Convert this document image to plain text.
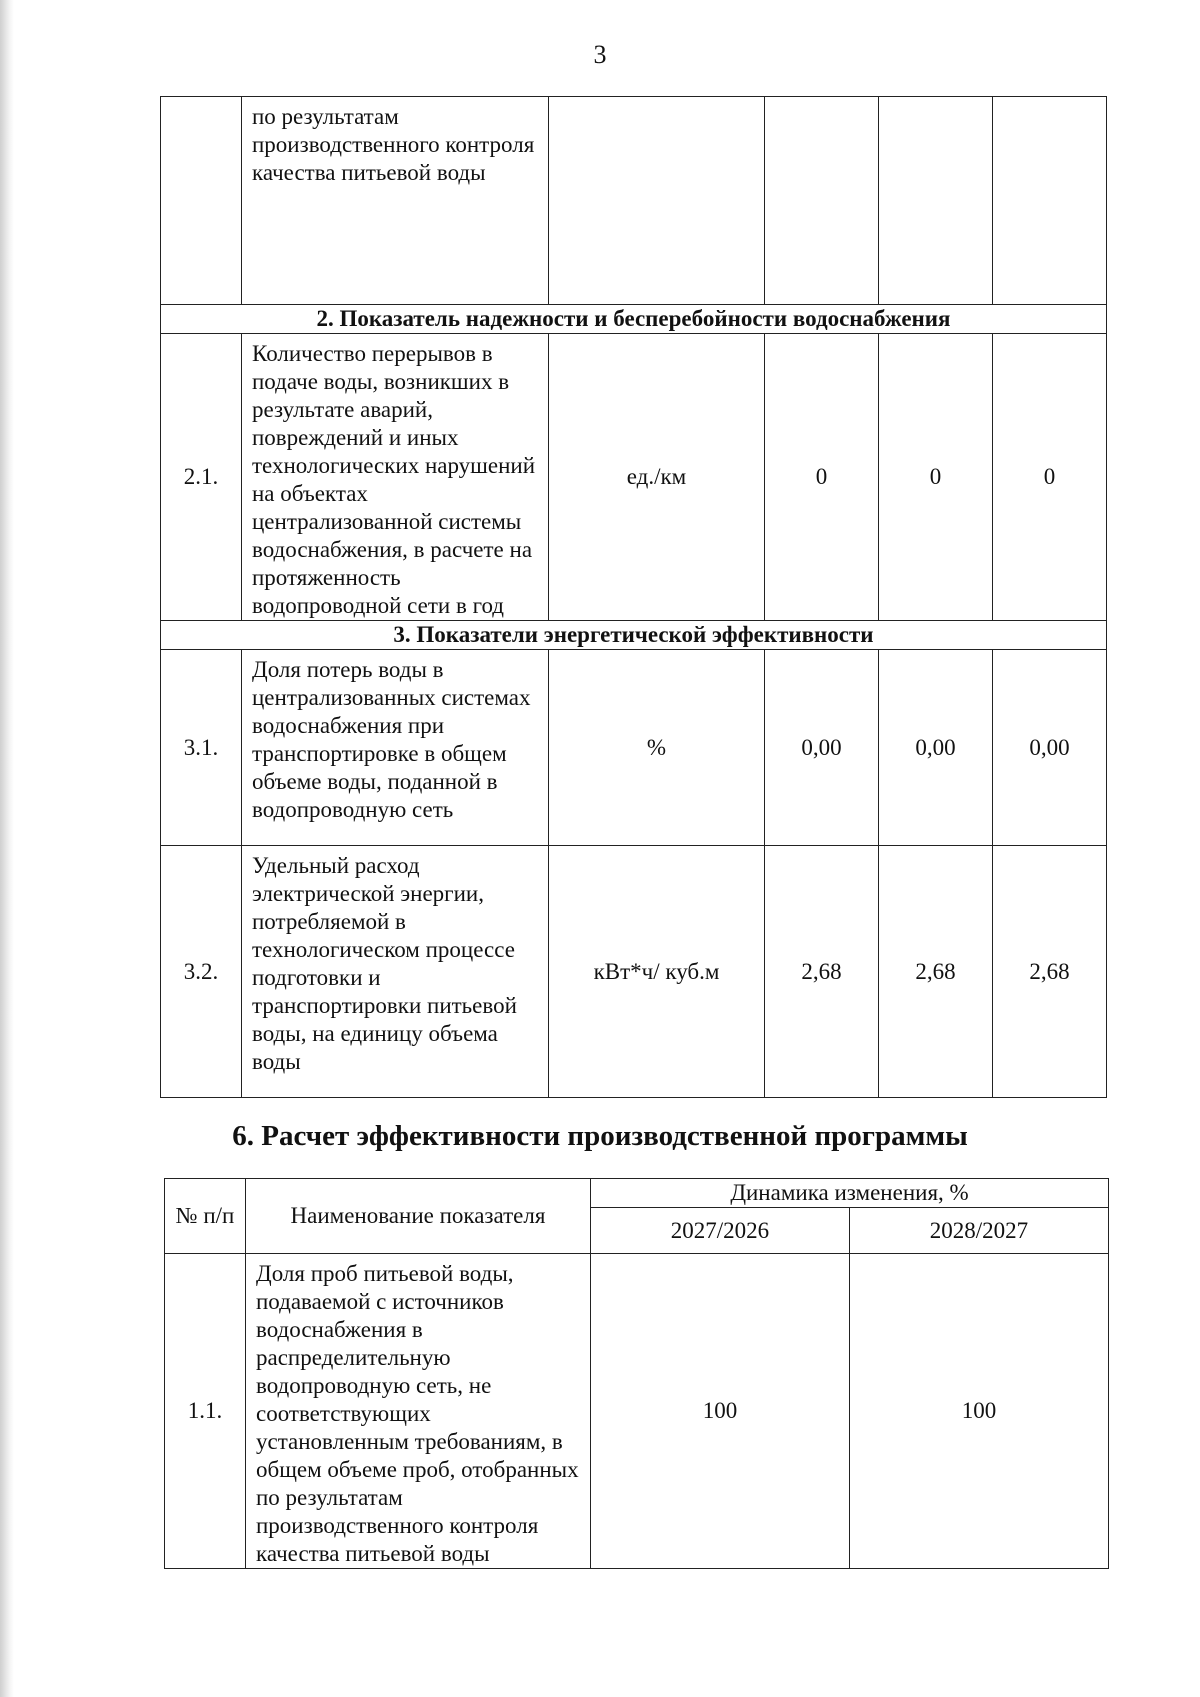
3
	по результатам производственного контроля качества питьевой воды				
2. Показатель надежности и бесперебойности водоснабжения					
2.1.	Количество перерывов в подаче воды, возникших в результате аварий, повреждений и иных технологических нарушений на объектах централизованной системы водоснабжения, в расчете на протяженность водопроводной сети в год	ед./км	0	0	0
3. Показатели энергетической эффективности					
3.1.	Доля потерь воды в централизованных системах водоснабжения при транспортировке в общем объеме воды, поданной в водопроводную сеть	%	0,00	0,00	0,00
3.2.	Удельный расход электрической энергии, потребляемой в технологическом процессе подготовки и транспортировки питьевой воды, на единицу объема воды	кВт*ч/ куб.м	2,68	2,68	2,68
6. Расчет эффективности производственной программы
№ п/п	Наименование показателя	Динамика изменения, %	
		2027/2026	2028/2027
1.1.	Доля проб питьевой воды, подаваемой с источников водоснабжения в распределительную водопроводную сеть, не соответствующих установленным требованиям, в общем объеме проб, отобранных по результатам производственного контроля качества питьевой воды	100	100
